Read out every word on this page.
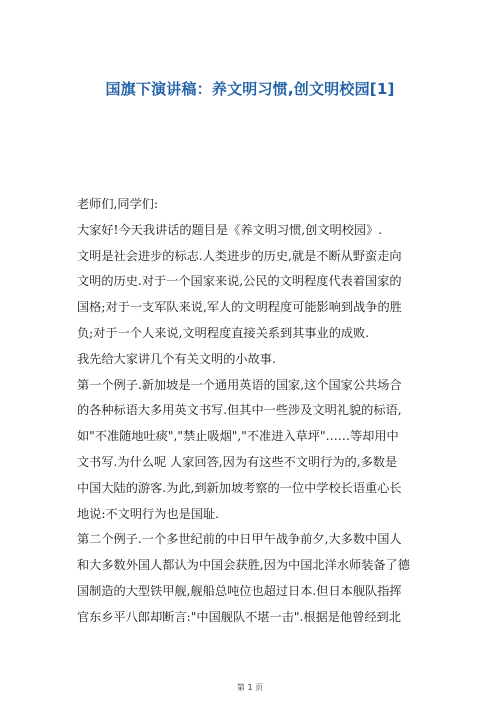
国旗下演讲稿：养文明习惯,创文明校园[1]

老师们,同学们:

大家好!今天我讲话的题目是《养文明习惯,创文明校园》.

文明是社会进步的标志.人类进步的历史,就是不断从野蛮走向

文明的历史.对于一个国家来说,公民的文明程度代表着国家的

国格;对于一支军队来说,军人的文明程度可能影响到战争的胜

负;对于一个人来说,文明程度直接关系到其事业的成败.

我先给大家讲几个有关文明的小故事.

第一个例子.新加坡是一个通用英语的国家,这个国家公共场合

的各种标语大多用英文书写.但其中一些涉及文明礼貌的标语,

如"不准随地吐痰","禁止吸烟","不准进入草坪"……等却用中

文书写.为什么呢 人家回答,因为有这些不文明行为的,多数是

中国大陆的游客.为此,到新加坡考察的一位中学校长语重心长

地说:不文明行为也是国耻.

第二个例子.一个多世纪前的中日甲午战争前夕,大多数中国人

和大多数外国人都认为中国会获胜,因为中国北洋水师装备了德

国制造的大型铁甲舰,舰船总吨位也超过日本.但日本舰队指挥

官东乡平八郎却断言:"中国舰队不堪一击".根据是他曾经到北

第 1 页
